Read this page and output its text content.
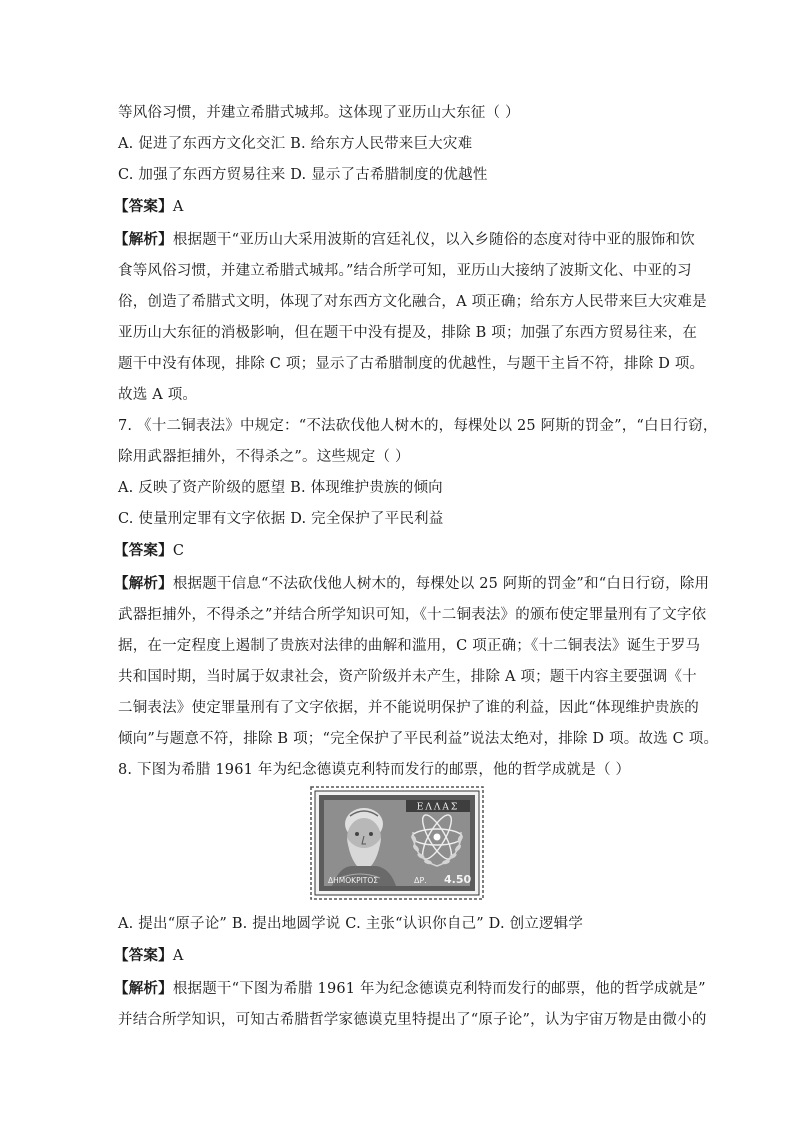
等风俗习惯，并建立希腊式城邦。这体现了亚历山大东征（ ）
A. 促进了东西方文化交汇 B. 给东方人民带来巨大灾难
C. 加强了东西方贸易往来 D. 显示了古希腊制度的优越性
【答案】A
【解析】根据题干“亚历山大采用波斯的宫廷礼仪，以入乡随俗的态度对待中亚的服饰和饮
食等风俗习惯，并建立希腊式城邦。”结合所学可知，亚历山大接纳了波斯文化、中亚的习
俗，创造了希腊式文明，体现了对东西方文化融合，A 项正确；给东方人民带来巨大灾难是
亚历山大东征的消极影响，但在题干中没有提及，排除 B 项；加强了东西方贸易往来，在
题干中没有体现，排除 C 项；显示了古希腊制度的优越性，与题干主旨不符，排除 D 项。
故选 A 项。
7. 《十二铜表法》中规定：“不法砍伐他人树木的，每棵处以 25 阿斯的罚金”，“白日行窃，
除用武器拒捕外，不得杀之”。这些规定（ ）
A. 反映了资产阶级的愿望 B. 体现维护贵族的倾向
C. 使量刑定罪有文字依据 D. 完全保护了平民利益
【答案】C
【解析】根据题干信息“不法砍伐他人树木的，每棵处以 25 阿斯的罚金”和“白日行窃，除用
武器拒捕外，不得杀之”并结合所学知识可知，《十二铜表法》的颁布使定罪量刑有了文字依
据，在一定程度上遏制了贵族对法律的曲解和滥用，C 项正确；《十二铜表法》诞生于罗马
共和国时期，当时属于奴隶社会，资产阶级并未产生，排除 A 项；题干内容主要强调《十
二铜表法》使定罪量刑有了文字依据，并不能说明保护了谁的利益，因此“体现维护贵族的
倾向”与题意不符，排除 B 项；“完全保护了平民利益”说法太绝对，排除 D 项。故选 C 项。
8. 下图为希腊 1961 年为纪念德谟克利特而发行的邮票，他的哲学成就是（ ）
ΕΛΛΑΣ
ΔΗΜΟΚΡΙΤΟΣ	ΔΡ. 4.50
A. 提出“原子论” B. 提出地圆学说 C. 主张“认识你自己” D. 创立逻辑学
【答案】A
【解析】根据题干“下图为希腊 1961 年为纪念德谟克利特而发行的邮票，他的哲学成就是”
并结合所学知识，可知古希腊哲学家德谟克里特提出了“原子论”，认为宇宙万物是由微小的
